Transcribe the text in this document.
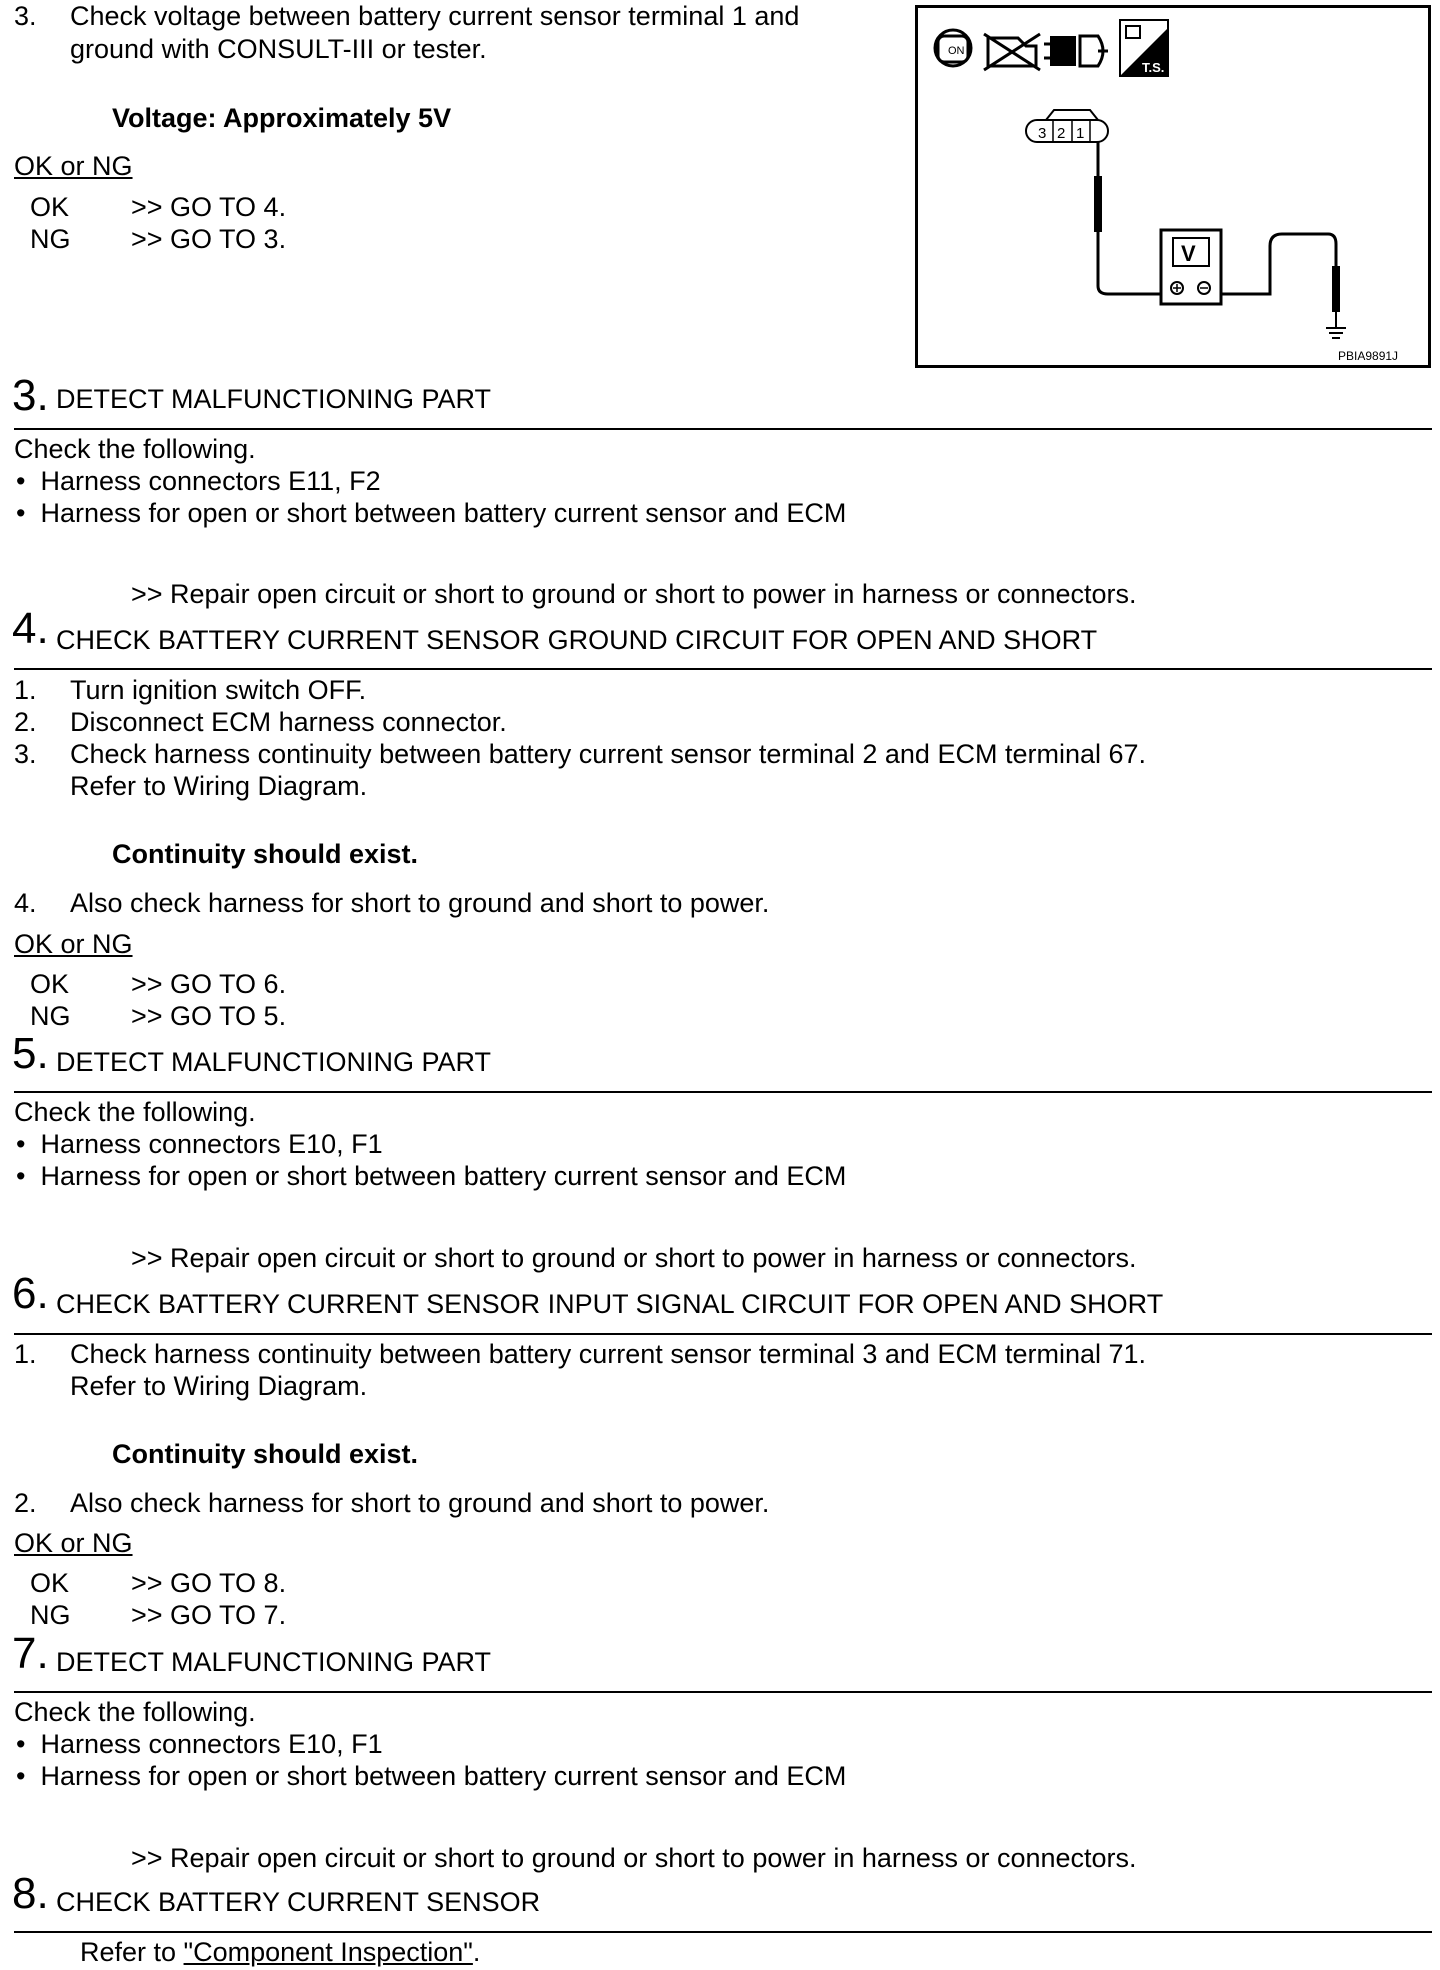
3. Check voltage between battery current sensor terminal 1 and
ground with CONSULT-III or tester.
Voltage: Approximately 5V
OK or NG
OK >> GO TO 4.
NG >> GO TO 3.
ON
T.S.
3 2 1
V
PBIA9891J
3. DETECT MALFUNCTIONING PART
Check the following.
•  Harness connectors E11, F2
•  Harness for open or short between battery current sensor and ECM
>> Repair open circuit or short to ground or short to power in harness or connectors.
4. CHECK BATTERY CURRENT SENSOR GROUND CIRCUIT FOR OPEN AND SHORT
1. Turn ignition switch OFF.
2. Disconnect ECM harness connector.
3. Check harness continuity between battery current sensor terminal 2 and ECM terminal 67.
Refer to Wiring Diagram.
Continuity should exist.
4. Also check harness for short to ground and short to power.
OK or NG
OK >> GO TO 6.
NG >> GO TO 5.
5. DETECT MALFUNCTIONING PART
Check the following.
•  Harness connectors E10, F1
•  Harness for open or short between battery current sensor and ECM
>> Repair open circuit or short to ground or short to power in harness or connectors.
6. CHECK BATTERY CURRENT SENSOR INPUT SIGNAL CIRCUIT FOR OPEN AND SHORT
1. Check harness continuity between battery current sensor terminal 3 and ECM terminal 71.
Refer to Wiring Diagram.
Continuity should exist.
2. Also check harness for short to ground and short to power.
OK or NG
OK >> GO TO 8.
NG >> GO TO 7.
7. DETECT MALFUNCTIONING PART
Check the following.
•  Harness connectors E10, F1
•  Harness for open or short between battery current sensor and ECM
>> Repair open circuit or short to ground or short to power in harness or connectors.
8. CHECK BATTERY CURRENT SENSOR
Refer to "Component Inspection".
